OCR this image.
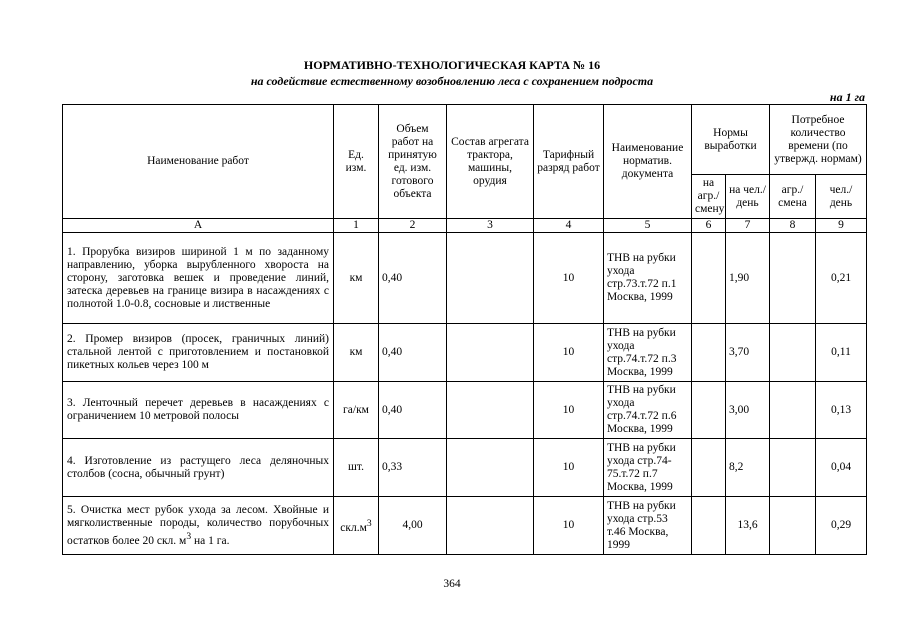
НОРМАТИВНО-ТЕХНОЛОГИЧЕСКАЯ КАРТА № 16
на содействие естественному возобновлению леса с сохранением подроста
на 1 га
Наименование работ	Ед. изм.	Объем работ на принятую ед. изм. готового объекта	Состав агрегата трактора, машины, орудия	Тарифный разряд работ	Наименование норматив. документа	Нормы выработки		Потребное количество времени (по утвержд. нормам)	
						на агр./ смену	на чел./ день	агр./ смена	чел./ день
А	1	2	3	4	5	6	7	8	9
1. Прорубка визиров шириной 1 м по заданному направлению, уборка вырубленного хвороста на сторону, заготовка вешек и проведение линий, затеска деревьев на границе визира в насаждениях с полнотой 1.0-0.8, сосновые и лиственные	км	0,40		10	ТНВ на рубки ухода стр.73.т.72 п.1 Москва, 1999		1,90		0,21
2. Промер визиров (просек, граничных линий) стальной лентой с приготовлением и постановкой пикетных кольев через 100 м	км	0,40		10	ТНВ на рубки ухода стр.74.т.72 п.3 Москва, 1999		3,70		0,11
3. Ленточный перечет деревьев в насаждениях с ограничением 10 метровой полосы	га/км	0,40		10	ТНВ на рубки ухода стр.74.т.72 п.6 Москва, 1999		3,00		0,13
4. Изготовление из растущего леса деляночных столбов (сосна, обычный грунт)	шт.	0,33		10	ТНВ на рубки ухода стр.74-75.т.72 п.7 Москва, 1999		8,2		0,04
5. Очистка мест рубок ухода за лесом. Хвойные и мягколиственные породы, количество порубочных остатков более 20 скл. $м^3$ на 1 га.	$скл.м^3$	4,00		10	ТНВ на рубки ухода стр.53 т.46 Москва, 1999		13,6		0,29
364
